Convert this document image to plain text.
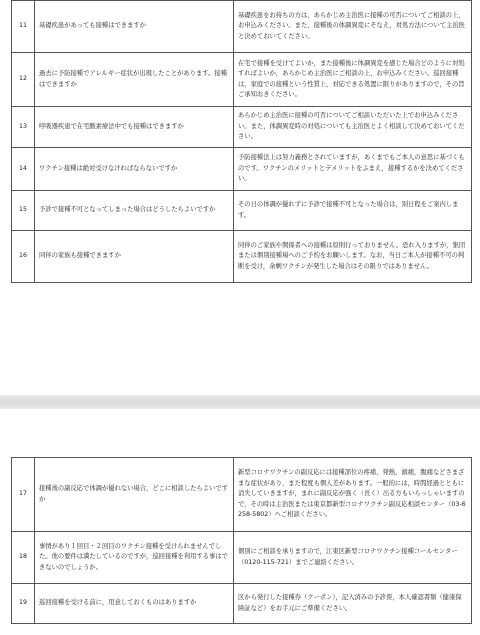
11	基礎疾患があっても接種はできますか	基礎疾患をお持ちの方は，あらかじめ主治医に接種の可否についてご相談の上，お申込みください。また，接種後の体調異変にそなえ，対処方法について主治医と決めておいてください。

12	過去に予防接種でアレルギー症状が出現したことがあります。接種はできますか	在宅で接種を受けてよいか，また接種後に体調異変を感じた場合どのように対処すればよいか，あらかじめ主治医にご相談の上，お申込みください。巡回接種は，家庭での接種という性質上，対応できる処置に限りがありますので，その旨ご承知おきください。

13	呼吸器疾患で在宅酸素療法中でも接種はできますか	あらかじめ主治医に接種の可否についてご相談いただいた上でお申込みください。また，体調異変時の対処についても主治医とよく相談して決めておいてください。

14	ワクチン接種は絶対受けなければならないですか	予防接種法上は努力義務とされていますが，あくまでもご本人の意思に基づくものです。ワクチンのメリットとデメリットをふまえ，接種するかを決めてください。

15	予診で接種不可となってしまった場合はどうしたらよいですか	その日の体調が優れずに予診で接種不可となった場合は，別日程をご案内します。

16	同伴の家族も接種できますか	同伴のご家族や関係者への接種は原則行っておりません。恐れ入りますが，集団または個別接種場へのご予約をお願いします。なお，当日ご本人が接種不可の判断を受け，余剰ワクチンが発生した場合はその限りではありません。
17	接種後の副反応で体調が優れない場合，どこに相談したらよいですか	新型コロナワクチンの副反応には接種部位の疼痛，発熱，頭痛，腹痛などさまざまな症状があり，また程度も個人差があります。一般的には，時間経過とともに消失していきますが，まれに副反応が強く（長く）出る方もいらっしゃいますので，その時は主治医または東京都新型コロナワクチン副反応相談センター（03-6258-5802）へご相談ください。

18	事情があり１回目・２回目のワクチン接種を受けられませんでした。他の要件は満たしているのですが，巡回接種を利用する事はできないのでしょうか。	個別にご相談を承りますので，江東区新型コロナワクチン接種コールセンター（0120-115-721）までご連絡ください。

19	巡回接種を受ける前に，用意しておくものはありますか	区から発行した接種券（クーポン），記入済みの予診票，本人確認書類（健康保険証など）をお手元にご準備ください。
